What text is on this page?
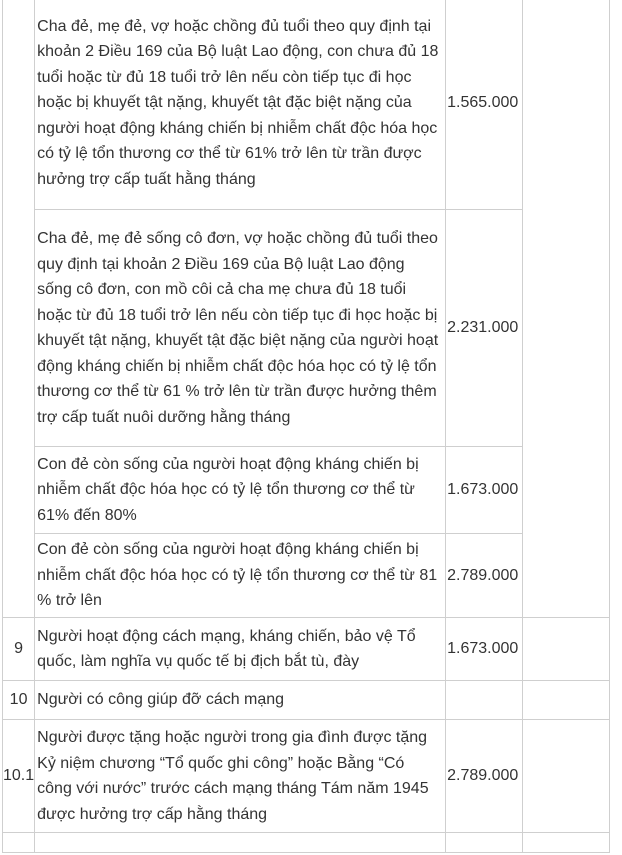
	Cha đẻ, mẹ đẻ, vợ hoặc chồng đủ tuổi theo quy định tại khoản 2 Điều 169 của Bộ luật Lao động, con chưa đủ 18 tuổi hoặc từ đủ 18 tuổi trở lên nếu còn tiếp tục đi học hoặc bị khuyết tật nặng, khuyết tật đặc biệt nặng của người hoạt động kháng chiến bị nhiễm chất độc hóa học có tỷ lệ tổn thương cơ thể từ 61% trở lên từ trần được hưởng trợ cấp tuất hằng tháng	1.565.000	
	Cha đẻ, mẹ đẻ sống cô đơn, vợ hoặc chồng đủ tuổi theo quy định tại khoản 2 Điều 169 của Bộ luật Lao động sống cô đơn, con mồ côi cả cha mẹ chưa đủ 18 tuổi hoặc từ đủ 18 tuổi trở lên nếu còn tiếp tục đi học hoặc bị khuyết tật nặng, khuyết tật đặc biệt nặng của người hoạt động kháng chiến bị nhiễm chất độc hóa học có tỷ lệ tổn thương cơ thể từ 61 % trở lên từ trần được hưởng thêm trợ cấp tuất nuôi dưỡng hằng tháng	2.231.000	
	Con đẻ còn sống của người hoạt động kháng chiến bị nhiễm chất độc hóa học có tỷ lệ tổn thương cơ thể từ 61% đến 80%	1.673.000	
	Con đẻ còn sống của người hoạt động kháng chiến bị nhiễm chất độc hóa học có tỷ lệ tổn thương cơ thể từ 81 % trở lên	2.789.000	
9	Người hoạt động cách mạng, kháng chiến, bảo vệ Tổ quốc, làm nghĩa vụ quốc tế bị địch bắt tù, đày	1.673.000	
10	Người có công giúp đỡ cách mạng		
10.1	Người được tặng hoặc người trong gia đình được tặng Kỷ niệm chương “Tổ quốc ghi công” hoặc Bằng “Có công với nước” trước cách mạng tháng Tám năm 1945 được hưởng trợ cấp hằng tháng	2.789.000	
